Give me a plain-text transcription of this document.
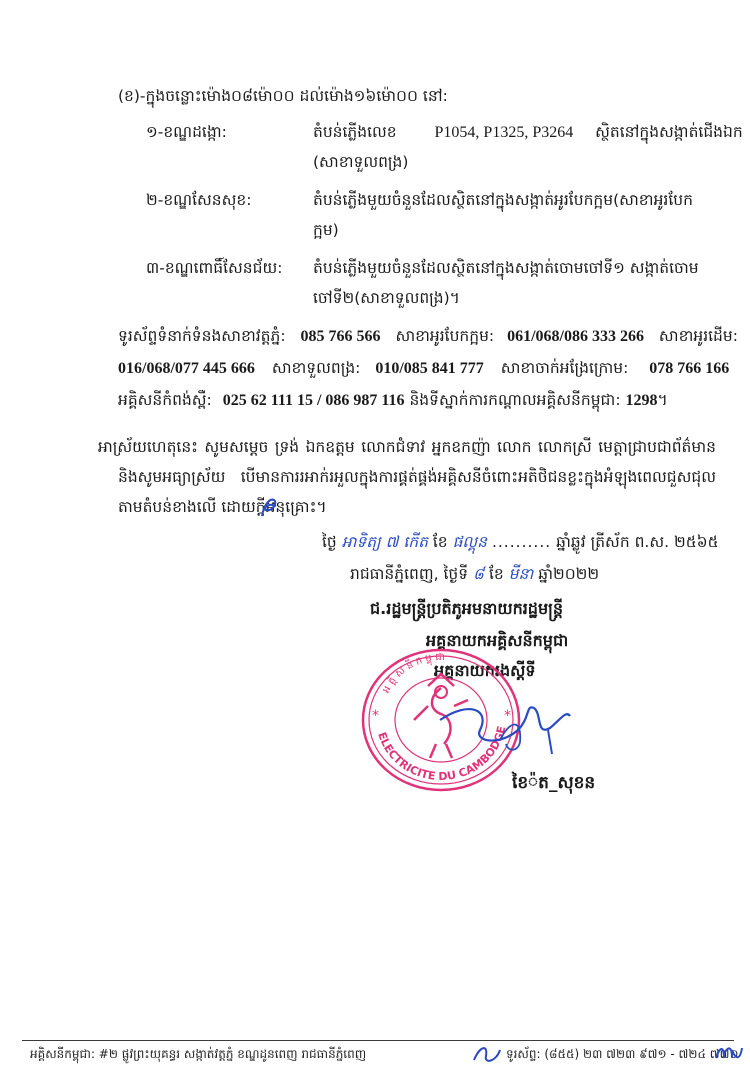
(ខ)-ក្នុងចន្លោះម៉ោង០៨ម៉ោ០០ ដល់ម៉ោង១៦ម៉ោ០០ នៅ:
១-ខណ្ឌដង្កោ:	តំបន់ភ្លើងលេខ P1054, P1325, P3264 ស្ថិតនៅក្នុងសង្កាត់ជើងឯក
(សាខាទួលពង្រ)
២-ខណ្ឌសែនសុខ:	តំបន់ភ្លើងមួយចំនួនដែលស្ថិតនៅក្នុងសង្កាត់អូរបែកក្អម(សាខាអូរបែក
ក្អម)
៣-ខណ្ឌពោធិ៍សែនជ័យ: តំបន់ភ្លើងមួយចំនួនដែលស្ថិតនៅក្នុងសង្កាត់ចោមចៅទី១ សង្កាត់ចោម
ចៅទី២(សាខាទួលពង្រ)។
ទូរស័ព្ទទំនាក់ទំនងសាខាវត្តភ្នំ: 085 766 566 សាខាអូរបែកក្អម: 061/068/086 333 266 សាខាអូរដើម:
016/068/077 445 666 សាខាទួលពង្រ: 010/085 841 777 សាខាចាក់អង្រែក្រោម: 078 766 166
អគ្គិសនីកំពង់ស្ពឺ: 025 62 111 15 / 086 987 116 និងទីស្នាក់ការកណ្តាលអគ្គិសនីកម្ពុជា: 1298។
អាស្រ័យហេតុនេះ សូមសម្តេច ទ្រង់ ឯកឧត្តម លោកជំទាវ អ្នកឧកញ៉ា លោក លោកស្រី មេត្តាជ្រាបជាព័ត៌មាន និងសូមអធ្យាស្រ័យ បើមានការរអាក់រអួលក្នុងការផ្គត់ផ្គង់អគ្គិសនីចំពោះអតិថិជនខ្លះក្នុងអំឡុងពេលជួសជុលតាមតំបន់ខាងលើ ដោយក្តីអនុគ្រោះ។
ថ្ងៃ អាទិត្យ ៧ កើត ខែ ផល្គុន .......... ឆ្នាំឆ្លូវ ត្រីស័ក ព.ស. ២៥៦៥
រាជធានីភ្នំពេញ, ថ្ងៃទី ៨ ខែ មីនា ឆ្នាំ២០២២
ជ.រដ្ឋមន្ត្រីប្រតិភូអមនាយករដ្ឋមន្ត្រី
អគ្គនាយកអគ្គិសនីកម្ពុជា
អគ្គនាយករងស្តីទី
ELECTRICITE DU CAMBODGE
អ គ្គិ ស នី ក ម្ពុ ជា
*	*
ខៃ៉ត_សុខន
អគ្គិសនីកម្ពុជា: #២ ផ្លូវព្រះយុគន្ធរ សង្កាត់វត្តភ្នំ ខណ្ឌដូនពេញ រាជធានីភ្នំពេញ	ទូរស័ព្ទ: (៨៥៥) ២៣ ៧២៣ ៩៧១ - ៧២៤ ៧៧១
